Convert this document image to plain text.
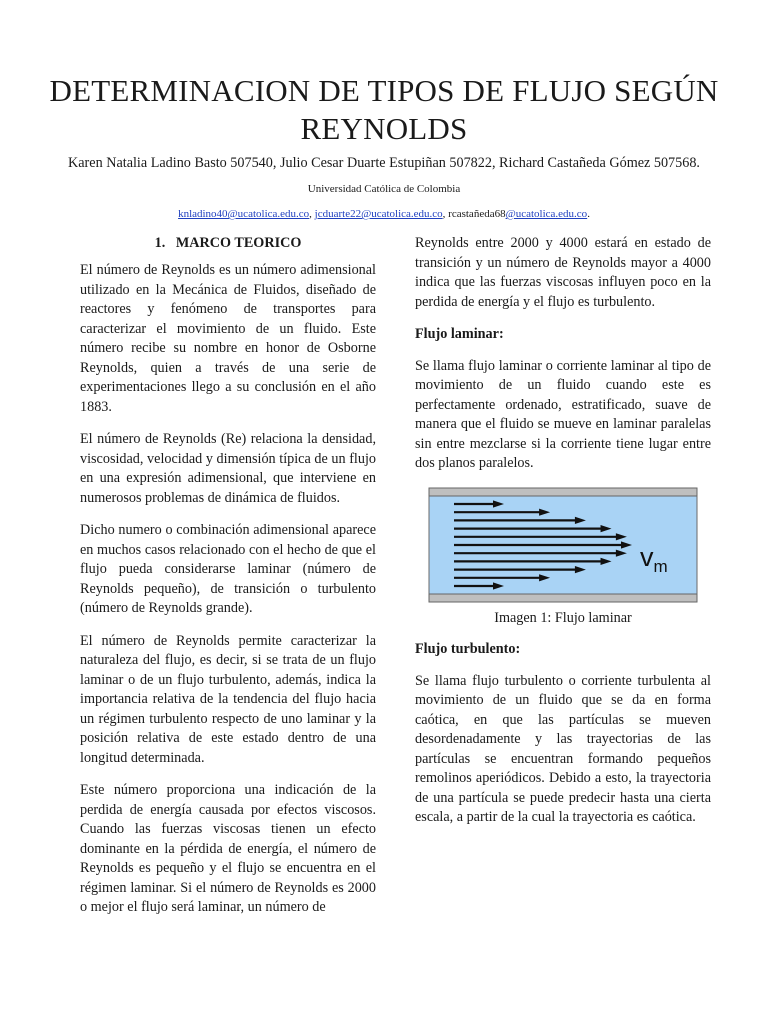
DETERMINACION DE TIPOS DE FLUJO SEGÚN
REYNOLDS
Karen Natalia Ladino Basto 507540, Julio Cesar Duarte Estupiñan 507822, Richard Castañeda Gómez 507568.
Universidad Católica de Colombia
knladino40@ucatolica.edu.co, jcduarte22@ucatolica.edu.co, rcastañeda68@ucatolica.edu.co.
1. MARCO TEORICO

El número de Reynolds es un número adimensional utilizado en la Mecánica de Fluidos, diseñado de reactores y fenómeno de transportes para caracterizar el movimiento de un fluido. Este número recibe su nombre en honor de Osborne Reynolds, quien a través de una serie de experimentaciones llego a su conclusión en el año 1883.

El número de Reynolds (Re) relaciona la densidad, viscosidad, velocidad y dimensión típica de un flujo en una expresión adimensional, que interviene en numerosos problemas de dinámica de fluidos.

Dicho numero o combinación adimensional aparece en muchos casos relacionado con el hecho de que el flujo pueda considerarse laminar (número de Reynolds pequeño), de transición o turbulento (número de Reynolds grande).

El número de Reynolds permite caracterizar la naturaleza del flujo, es decir, si se trata de un flujo laminar o de un flujo turbulento, además, indica la importancia relativa de la tendencia del flujo hacia un régimen turbulento respecto de uno laminar y la posición relativa de este estado dentro de una longitud determinada.

Este número proporciona una indicación de la perdida de energía causada por efectos viscosos. Cuando las fuerzas viscosas tienen un efecto dominante en la pérdida de energía, el número de Reynolds es pequeño y el flujo se encuentra en el régimen laminar. Si el número de Reynolds es 2000 o mejor el flujo será laminar, un número de

Reynolds entre 2000 y 4000 estará en estado de transición y un número de Reynolds mayor a 4000 indica que las fuerzas viscosas influyen poco en la perdida de energía y el flujo es turbulento.

Flujo laminar:

Se llama flujo laminar o corriente laminar al tipo de movimiento de un fluido cuando este es perfectamente ordenado, estratificado, suave de manera que el fluido se mueve en laminar paralelas sin entre mezclarse si la corriente tiene lugar entre dos planos paralelos.

$v_m$
Imagen 1: Flujo laminar
Flujo turbulento:

Se llama flujo turbulento o corriente turbulenta al movimiento de un fluido que se da en forma caótica, en que las partículas se mueven desordenadamente y las trayectorias de las partículas se encuentran formando pequeños remolinos aperiódicos. Debido a esto, la trayectoria de una partícula se puede predecir hasta una cierta escala, a partir de la cual la trayectoria es caótica.
